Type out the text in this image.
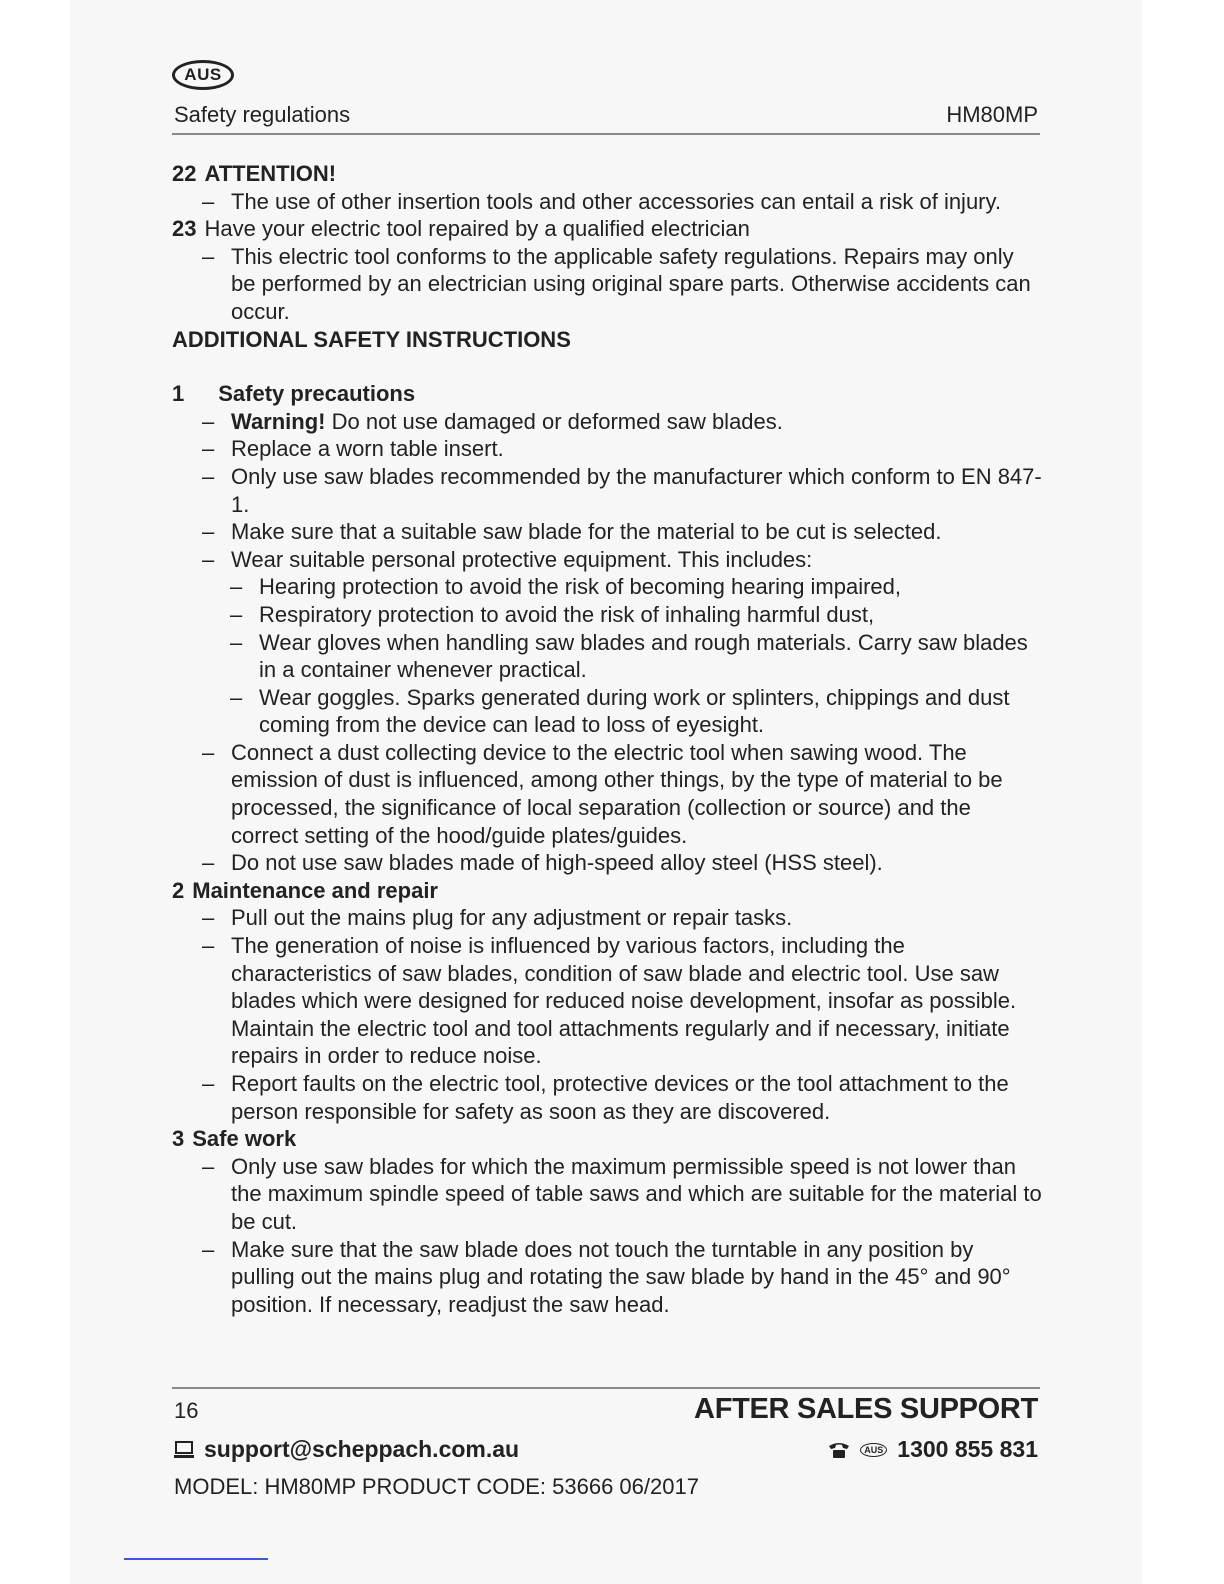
AUS
Safety regulations	HM80MP
22 ATTENTION!
– The use of other insertion tools and other accessories can entail a risk of injury.
23 Have your electric tool repaired by a qualified electrician
– This electric tool conforms to the applicable safety regulations. Repairs may only be performed by an electrician using original spare parts. Otherwise accidents can occur.
ADDITIONAL SAFETY INSTRUCTIONS
1 Safety precautions
– Warning! Do not use damaged or deformed saw blades.
– Replace a worn table insert.
– Only use saw blades recommended by the manufacturer which conform to EN 847-1.
– Make sure that a suitable saw blade for the material to be cut is selected.
– Wear suitable personal protective equipment. This includes:
– Hearing protection to avoid the risk of becoming hearing impaired,
– Respiratory protection to avoid the risk of inhaling harmful dust,
– Wear gloves when handling saw blades and rough materials. Carry saw blades in a container whenever practical.
– Wear goggles. Sparks generated during work or splinters, chippings and dust coming from the device can lead to loss of eyesight.
– Connect a dust collecting device to the electric tool when sawing wood. The emission of dust is influenced, among other things, by the type of material to be processed, the significance of local separation (collection or source) and the correct setting of the hood/guide plates/guides.
– Do not use saw blades made of high-speed alloy steel (HSS steel).
2 Maintenance and repair
– Pull out the mains plug for any adjustment or repair tasks.
– The generation of noise is influenced by various factors, including the characteristics of saw blades, condition of saw blade and electric tool. Use saw blades which were designed for reduced noise development, insofar as possible. Maintain the electric tool and tool attachments regularly and if necessary, initiate repairs in order to reduce noise.
– Report faults on the electric tool, protective devices or the tool attachment to the person responsible for safety as soon as they are discovered.
3 Safe work
– Only use saw blades for which the maximum permissible speed is not lower than the maximum spindle speed of table saws and which are suitable for the material to be cut.
– Make sure that the saw blade does not touch the turntable in any position by pulling out the mains plug and rotating the saw blade by hand in the 45° and 90° position. If necessary, readjust the saw head.
16	AFTER SALES SUPPORT
support@scheppach.com.au	AUS 1300 855 831
MODEL: HM80MP PRODUCT CODE: 53666 06/2017
